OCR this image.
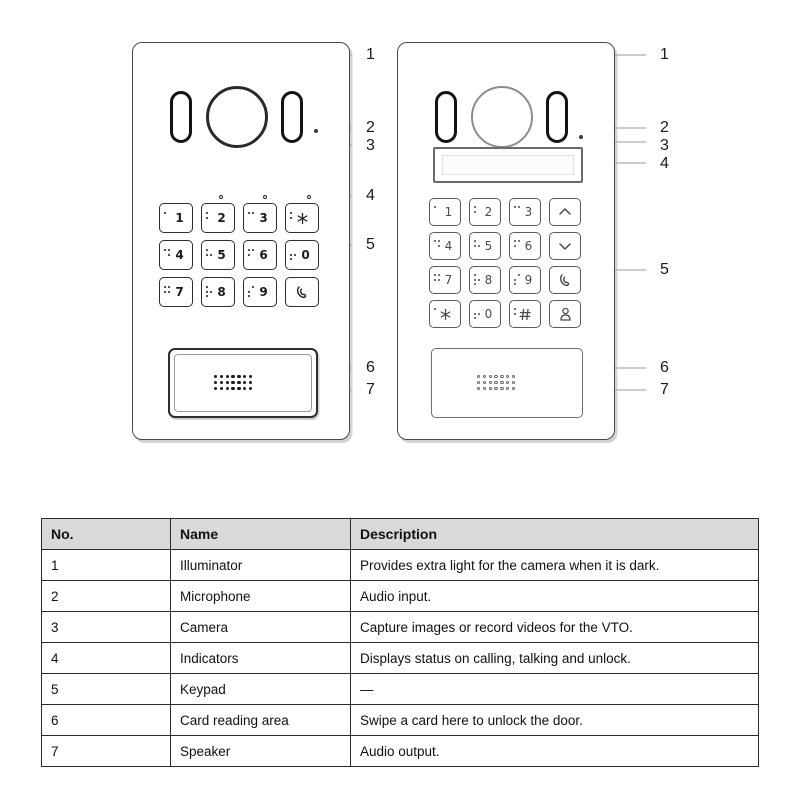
1	2	3
4	5	6	0
7	8	9
1	2	3
4	5	6
7	8	9
0
1
2
3
4
5
6
7
1
2
3
4
5
6
7
No.	Name	Description
1	Illuminator	Provides extra light for the camera when it is dark.
2	Microphone	Audio input.
3	Camera	Capture images or record videos for the VTO.
4	Indicators	Displays status on calling, talking and unlock.
5	Keypad	—
6	Card reading area	Swipe a card here to unlock the door.
7	Speaker	Audio output.
